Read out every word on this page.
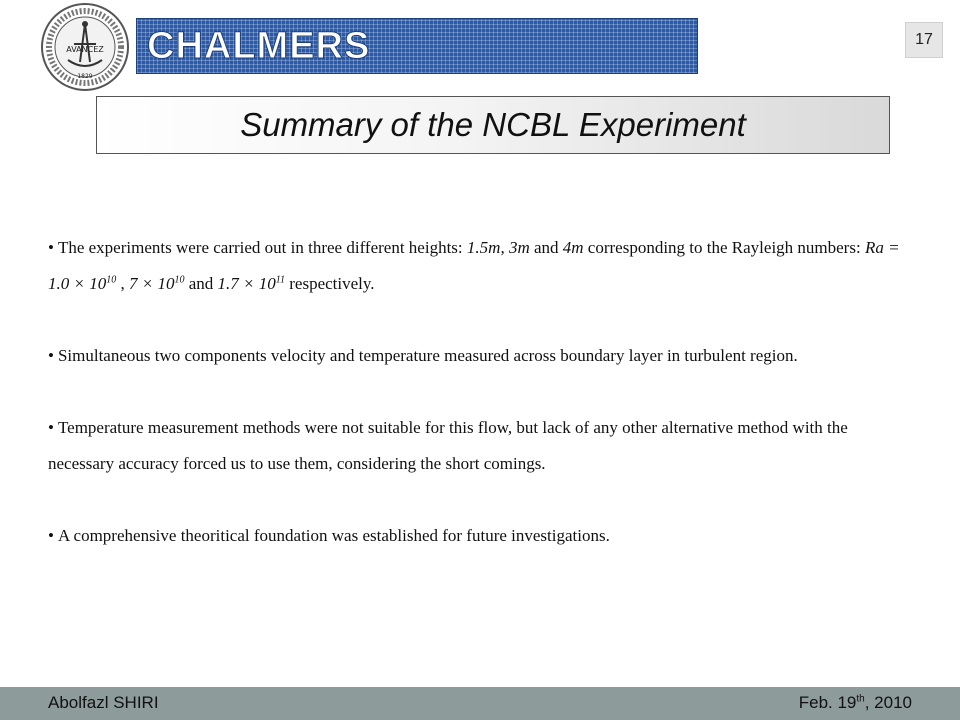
AVANCEZ
1829
CHALMERS	17
Summary of the NCBL Experiment
• The experiments were carried out in three different heights: 1.5m, 3m and 4m corresponding to the Rayleigh numbers: $Ra = 1.0 \times 10^{10}$ , $7 \times 10^{10}$ and $1.7 \times 10^{11}$ respectively.
• Simultaneous two components velocity and temperature measured across boundary layer in turbulent region.
• Temperature measurement methods were not suitable for this flow, but lack of any other alternative method with the necessary accuracy forced us to use them, considering the short comings.
• A comprehensive theoritical foundation was established for future investigations.
Abolfazl SHIRI	Feb. 19th, 2010
